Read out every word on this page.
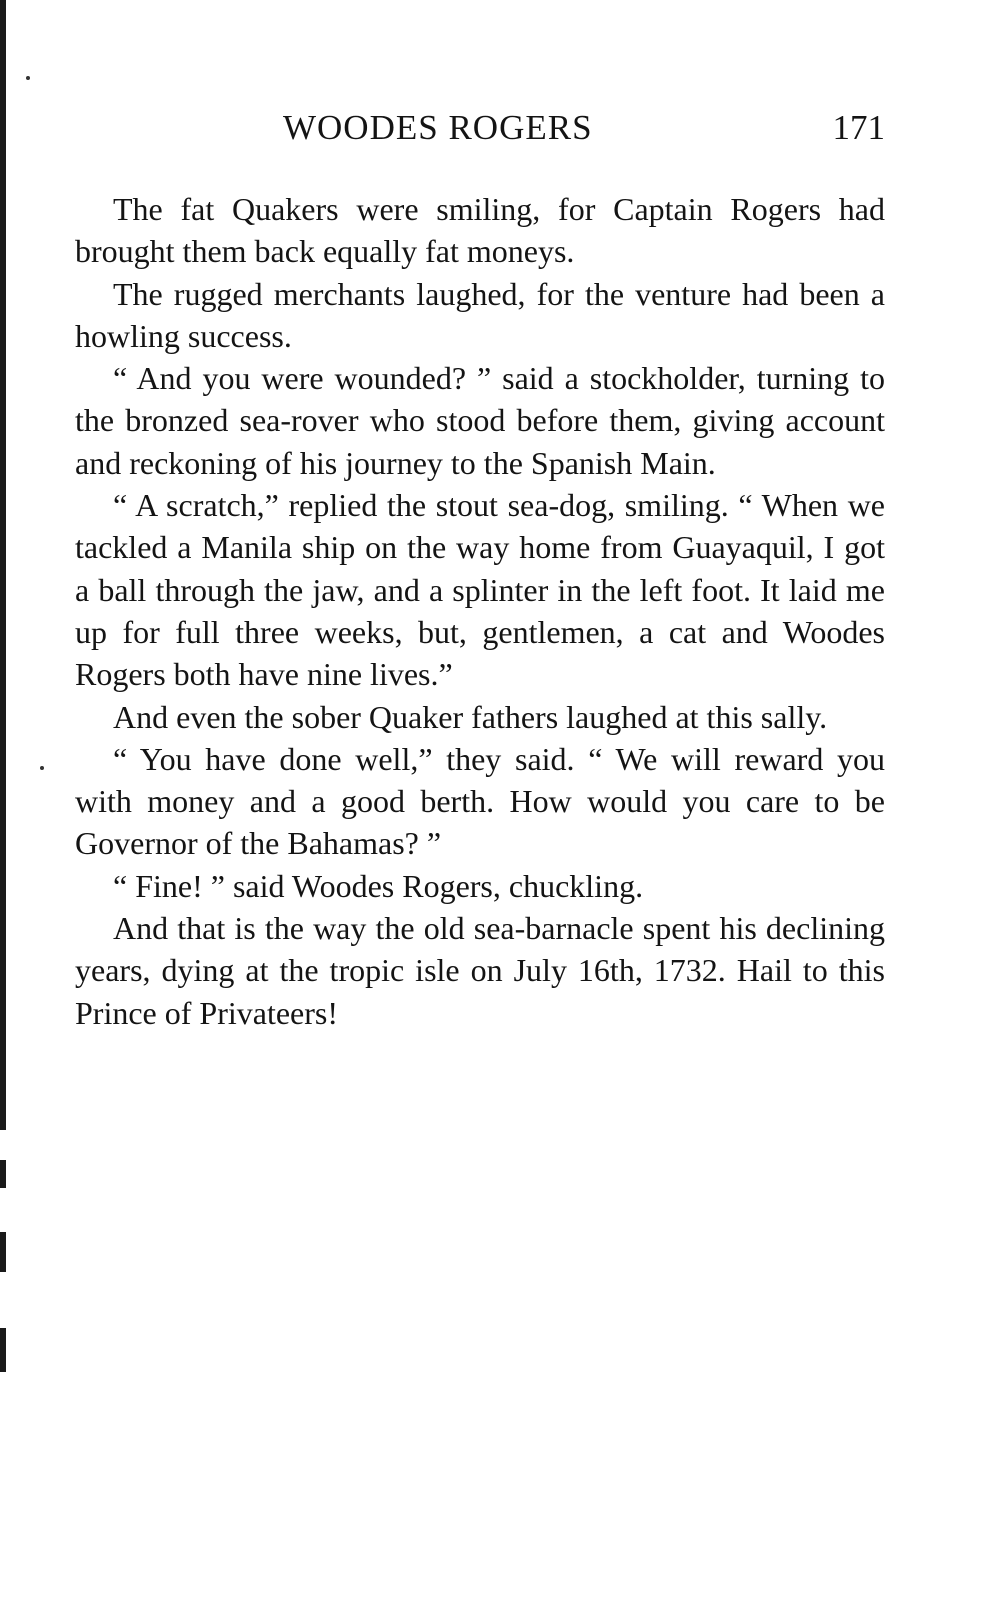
WOODES ROGERS	171

The fat Quakers were smiling, for Captain Rogers had brought them back equally fat moneys.

The rugged merchants laughed, for the venture had been a howling success.

“ And you were wounded? ” said a stockholder, turning to the bronzed sea-rover who stood before them, giving account and reckoning of his journey to the Spanish Main.

“ A scratch,” replied the stout sea-dog, smiling. “ When we tackled a Manila ship on the way home from Guayaquil, I got a ball through the jaw, and a splinter in the left foot. It laid me up for full three weeks, but, gentlemen, a cat and Woodes Rogers both have nine lives.”

And even the sober Quaker fathers laughed at this sally.

“ You have done well,” they said. “ We will reward you with money and a good berth. How would you care to be Governor of the Bahamas? ”

“ Fine! ” said Woodes Rogers, chuckling.

And that is the way the old sea-barnacle spent his declining years, dying at the tropic isle on July 16th, 1732. Hail to this Prince of Privateers!
